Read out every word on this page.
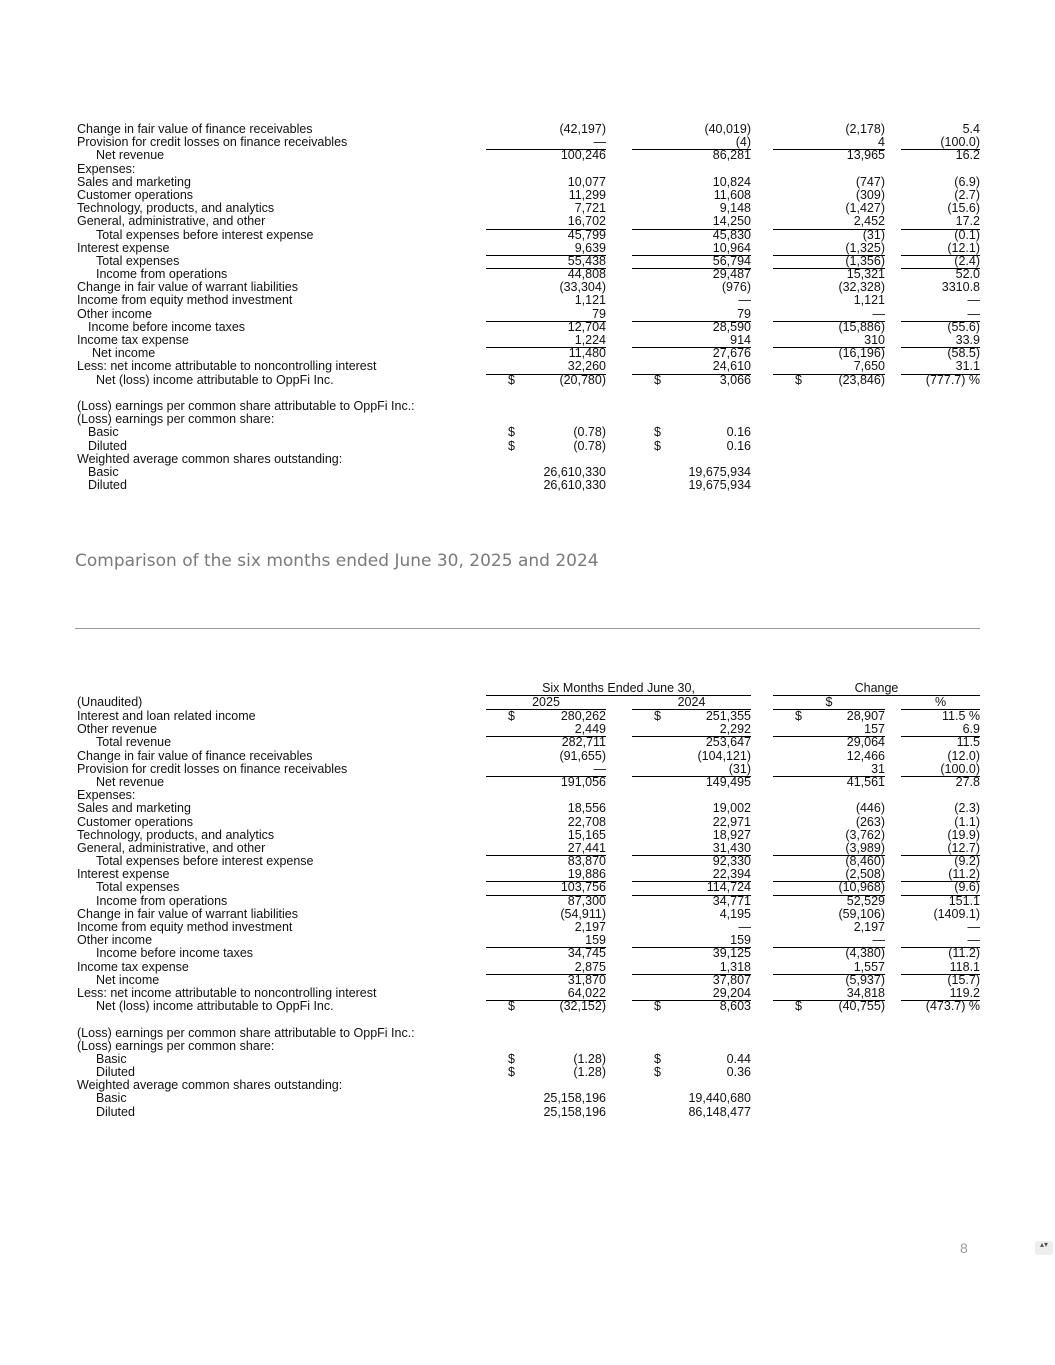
Change in fair value of finance receivables	(42,197)	(40,019)	(2,178)	5.4
Provision for credit losses on finance receivables	—	(4)	4	(100.0)
Net revenue	100,246	86,281	13,965	16.2
Expenses:
Sales and marketing	10,077	10,824	(747)	(6.9)
Customer operations	11,299	11,608	(309)	(2.7)
Technology, products, and analytics	7,721	9,148	(1,427)	(15.6)
General, administrative, and other	16,702	14,250	2,452	17.2
Total expenses before interest expense	45,799	45,830	(31)	(0.1)
Interest expense	9,639	10,964	(1,325)	(12.1)
Total expenses	55,438	56,794	(1,356)	(2.4)
Income from operations	44,808	29,487	15,321	52.0
Change in fair value of warrant liabilities	(33,304)	(976)	(32,328)	3310.8
Income from equity method investment	1,121	—	1,121	—
Other income	79	79	—	—
Income before income taxes	12,704	28,590	(15,886)	(55.6)
Income tax expense	1,224	914	310	33.9
Net income	11,480	27,676	(16,196)	(58.5)
Less: net income attributable to noncontrolling interest	32,260	24,610	7,650	31.1
Net (loss) income attributable to OppFi Inc.	$	(20,780)	$	3,066	$	(23,846)	(777.7) %
(Loss) earnings per common share attributable to OppFi Inc.:
(Loss) earnings per common share:
Basic	$	(0.78)	$	0.16
Diluted	$	(0.78)	$	0.16
Weighted average common shares outstanding:
Basic	26,610,330	19,675,934
Diluted	26,610,330	19,675,934
Comparison of the six months ended June 30, 2025 and 2024
Six Months Ended June 30,	Change
(Unaudited)	2025	2024	$	%
Interest and loan related income	$	280,262	$	251,355	$	28,907	11.5 %
Other revenue	2,449	2,292	157	6.9
Total revenue	282,711	253,647	29,064	11.5
Change in fair value of finance receivables	(91,655)	(104,121)	12,466	(12.0)
Provision for credit losses on finance receivables	—	(31)	31	(100.0)
Net revenue	191,056	149,495	41,561	27.8
Expenses:
Sales and marketing	18,556	19,002	(446)	(2.3)
Customer operations	22,708	22,971	(263)	(1.1)
Technology, products, and analytics	15,165	18,927	(3,762)	(19.9)
General, administrative, and other	27,441	31,430	(3,989)	(12.7)
Total expenses before interest expense	83,870	92,330	(8,460)	(9.2)
Interest expense	19,886	22,394	(2,508)	(11.2)
Total expenses	103,756	114,724	(10,968)	(9.6)
Income from operations	87,300	34,771	52,529	151.1
Change in fair value of warrant liabilities	(54,911)	4,195	(59,106)	(1409.1)
Income from equity method investment	2,197	—	2,197	—
Other income	159	159	—	—
Income before income taxes	34,745	39,125	(4,380)	(11.2)
Income tax expense	2,875	1,318	1,557	118.1
Net income	31,870	37,807	(5,937)	(15.7)
Less: net income attributable to noncontrolling interest	64,022	29,204	34,818	119.2
Net (loss) income attributable to OppFi Inc.	$	(32,152)	$	8,603	$	(40,755)	(473.7) %
(Loss) earnings per common share attributable to OppFi Inc.:
(Loss) earnings per common share:
Basic	$	(1.28)	$	0.44
Diluted	$	(1.28)	$	0.36
Weighted average common shares outstanding:
Basic	25,158,196	19,440,680
Diluted	25,158,196	86,148,477
8	▴▾
